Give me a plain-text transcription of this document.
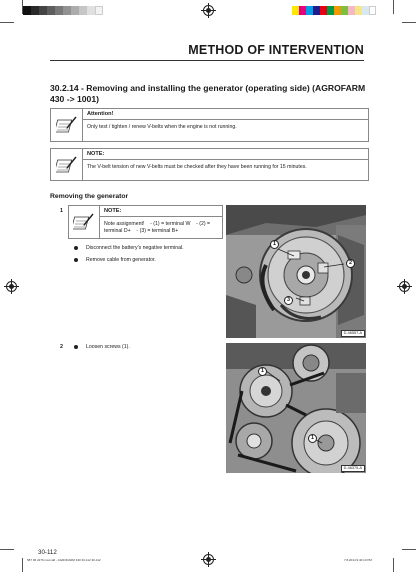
METHOD OF INTERVENTION
30.2.14 - Removing and installing the generator (operating side) (AGROFARM 430 -> 1001)
Attention!
Only test / tighten / renew V-belts when the engine is not running.
NOTE:
The V-belt tension of new V-belts must be checked after they have been running for 15 minutes.
Removing the generator
1	NOTE:
Note assignment!    - (1) = terminal W    - (2) =
terminal D+    - (3) = terminal B+
Disconnect the battery's negative terminal.
Remove cable from generator.
1
2
3
D-46557-A
2	Loosen screws (1).
1
1
D-46375-A
30-112
587 96 2276 ma.indd - AGROFARM 430 30-112 30-112	7.8.2014 9:40:13 PM
